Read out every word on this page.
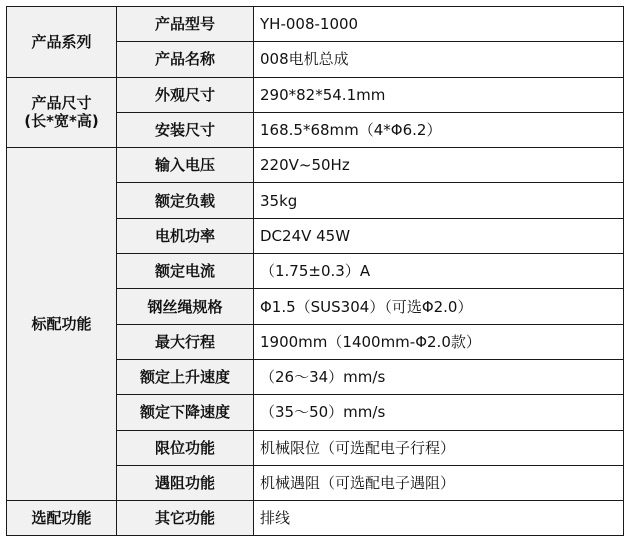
产品系列	产品型号	YH-008-1000
	产品名称	008电机总成

产品尺寸
(长*宽*高)	外观尺寸	290*82*54.1mm
	安装尺寸	168.5*68mm（4*Φ6.2）
标配功能	输入电压	220V~50Hz
	额定负载	35kg
	电机功率	DC24V 45W
	额定电流	（1.75±0.3）A
	钢丝绳规格	Φ1.5（SUS304）（可选Φ2.0）
	最大行程	1900mm（1400mm-Φ2.0款）
	额定上升速度	（26～34）mm/s
	额定下降速度	（35～50）mm/s
	限位功能	机械限位（可选配电子行程）
	遇阻功能	机械遇阻（可选配电子遇阻）
选配功能	其它功能	排线
